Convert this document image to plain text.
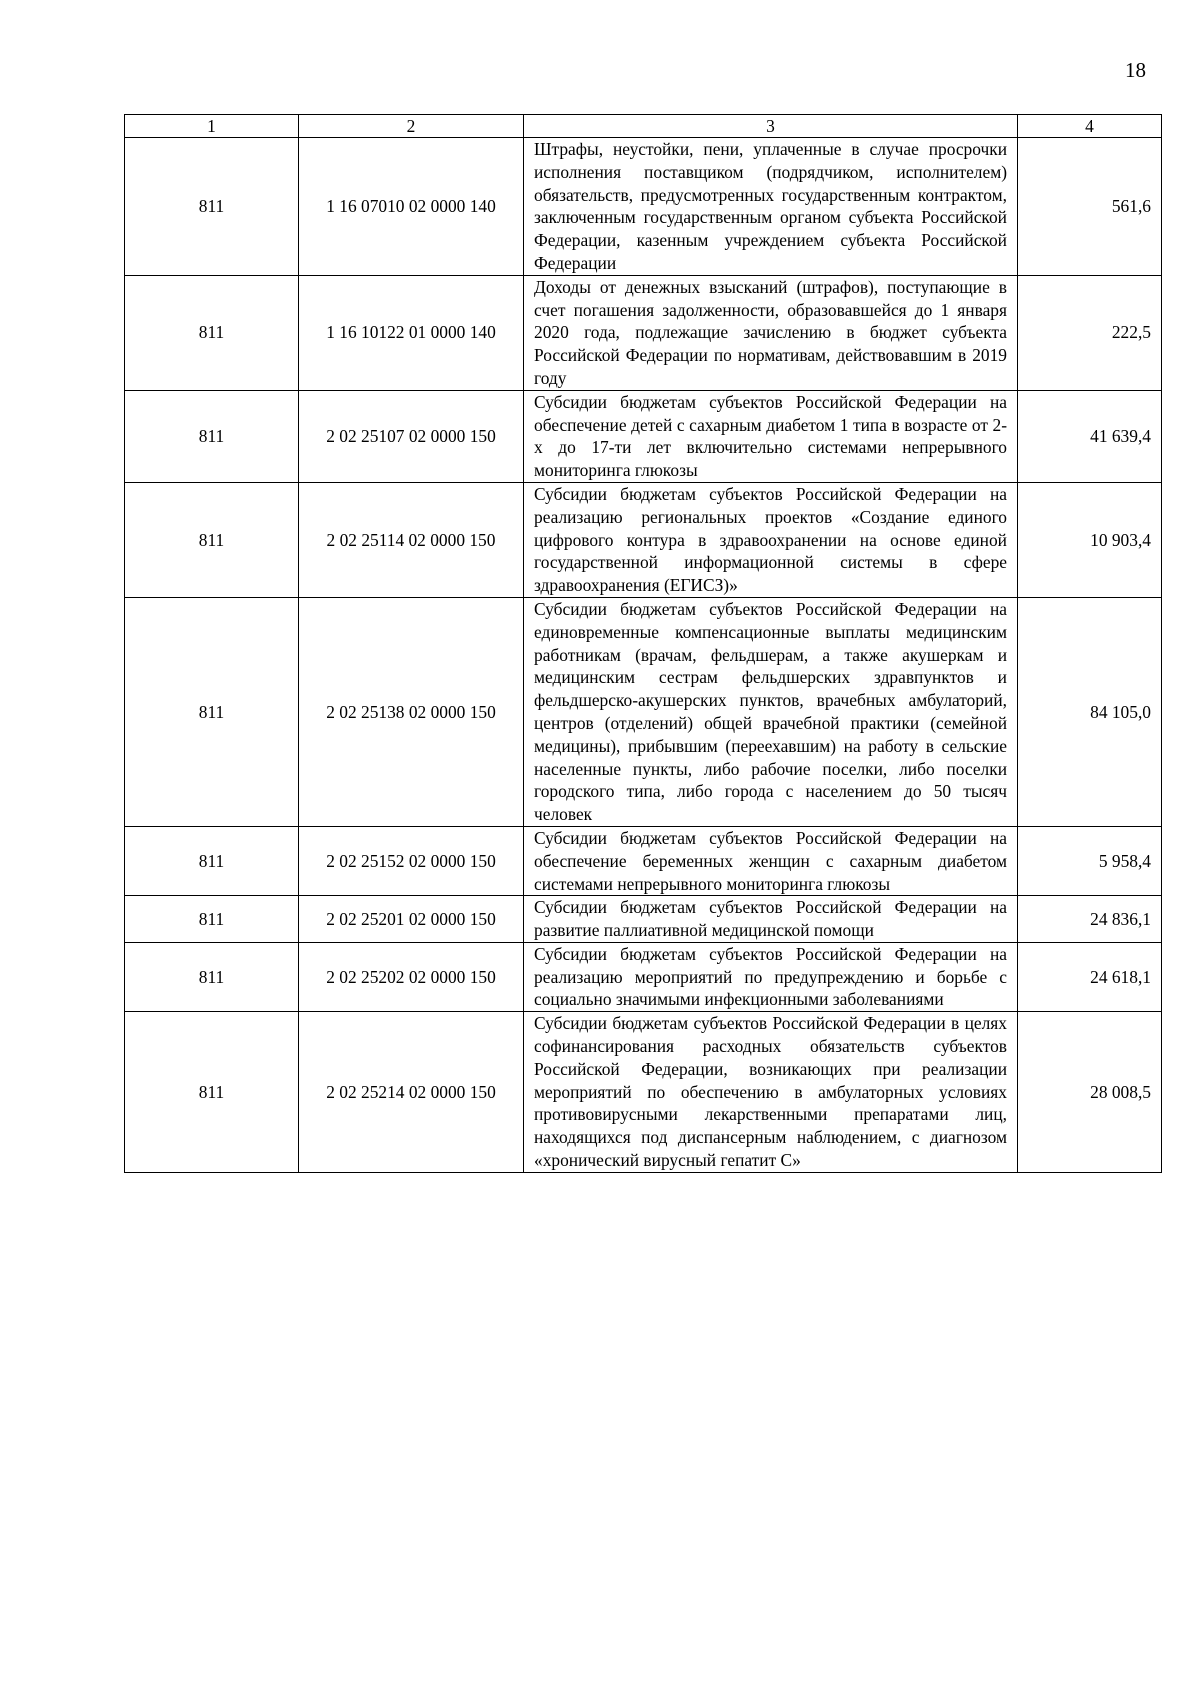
18
1	2	3	4
811	1 16 07010 02 0000 140	Штрафы, неустойки, пени, уплаченные в случае просрочки исполнения поставщиком (подрядчиком, исполнителем) обязательств, предусмотренных государственным контрактом, заключенным государственным органом субъекта Российской Федерации, казенным учреждением субъекта Российской Федерации	561,6
811	1 16 10122 01 0000 140	Доходы от денежных взысканий (штрафов), поступающие в счет погашения задолженности, образовавшейся до 1 января 2020 года, подлежащие зачислению в бюджет субъекта Российской Федерации по нормативам, действовавшим в 2019 году	222,5
811	2 02 25107 02 0000 150	Субсидии бюджетам субъектов Российской Федерации на обеспечение детей с сахарным диабетом 1 типа в возрасте от 2-х до 17-ти лет включительно системами непрерывного мониторинга глюкозы	41 639,4
811	2 02 25114 02 0000 150	Субсидии бюджетам субъектов Российской Федерации на реализацию региональных проектов «Создание единого цифрового контура в здравоохранении на основе единой государственной информационной системы в сфере здравоохранения (ЕГИСЗ)»	10 903,4
811	2 02 25138 02 0000 150	Субсидии бюджетам субъектов Российской Федерации на единовременные компенсационные выплаты медицинским работникам (врачам, фельдшерам, а также акушеркам и медицинским сестрам фельдшерских здравпунктов и фельдшерско-акушерских пунктов, врачебных амбулаторий, центров (отделений) общей врачебной практики (семейной медицины), прибывшим (переехавшим) на работу в сельские населенные пункты, либо рабочие поселки, либо поселки городского типа, либо города с населением до 50 тысяч человек	84 105,0
811	2 02 25152 02 0000 150	Субсидии бюджетам субъектов Российской Федерации на обеспечение беременных женщин с сахарным диабетом системами непрерывного мониторинга глюкозы	5 958,4
811	2 02 25201 02 0000 150	Субсидии бюджетам субъектов Российской Федерации на развитие паллиативной медицинской помощи	24 836,1
811	2 02 25202 02 0000 150	Субсидии бюджетам субъектов Российской Федерации на реализацию мероприятий по предупреждению и борьбе с социально значимыми инфекционными заболеваниями	24 618,1
811	2 02 25214 02 0000 150	Субсидии бюджетам субъектов Российской Федерации в целях софинансирования расходных обязательств субъектов Российской Федерации, возникающих при реализации мероприятий по обеспечению в амбулаторных условиях противовирусными лекарственными препаратами лиц, находящихся под диспансерным наблюдением, с диагнозом «хронический вирусный гепатит С»	28 008,5
